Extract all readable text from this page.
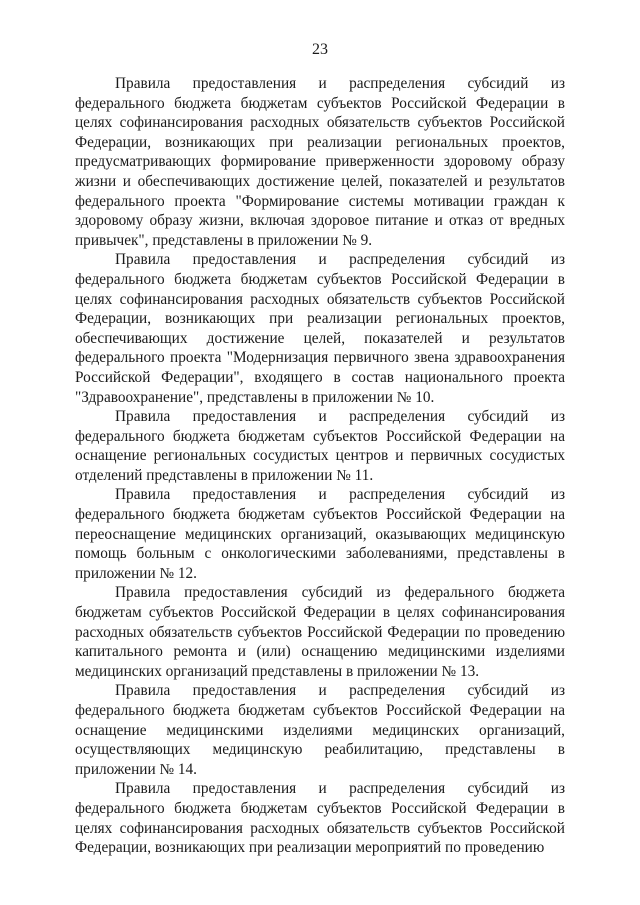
23

Правила предоставления и распределения субсидий из федерального бюджета бюджетам субъектов Российской Федерации в целях софинансирования расходных обязательств субъектов Российской Федерации, возникающих при реализации региональных проектов, предусматривающих формирование приверженности здоровому образу жизни и обеспечивающих достижение целей, показателей и результатов федерального проекта "Формирование системы мотивации граждан к здоровому образу жизни, включая здоровое питание и отказ от вредных привычек", представлены в приложении № 9.

Правила предоставления и распределения субсидий из федерального бюджета бюджетам субъектов Российской Федерации в целях софинансирования расходных обязательств субъектов Российской Федерации, возникающих при реализации региональных проектов, обеспечивающих достижение целей, показателей и результатов федерального проекта "Модернизация первичного звена здравоохранения Российской Федерации", входящего в состав национального проекта "Здравоохранение", представлены в приложении № 10.

Правила предоставления и распределения субсидий из федерального бюджета бюджетам субъектов Российской Федерации на оснащение региональных сосудистых центров и первичных сосудистых отделений представлены в приложении № 11.

Правила предоставления и распределения субсидий из федерального бюджета бюджетам субъектов Российской Федерации на переоснащение медицинских организаций, оказывающих медицинскую помощь больным с онкологическими заболеваниями, представлены в приложении № 12.

Правила предоставления субсидий из федерального бюджета бюджетам субъектов Российской Федерации в целях софинансирования расходных обязательств субъектов Российской Федерации по проведению капитального ремонта и (или) оснащению медицинскими изделиями медицинских организаций представлены в приложении № 13.

Правила предоставления и распределения субсидий из федерального бюджета бюджетам субъектов Российской Федерации на оснащение медицинскими изделиями медицинских организаций, осуществляющих медицинскую реабилитацию, представлены в приложении № 14.

Правила предоставления и распределения субсидий из федерального бюджета бюджетам субъектов Российской Федерации в целях софинансирования расходных обязательств субъектов Российской Федерации, возникающих при реализации мероприятий по проведению
